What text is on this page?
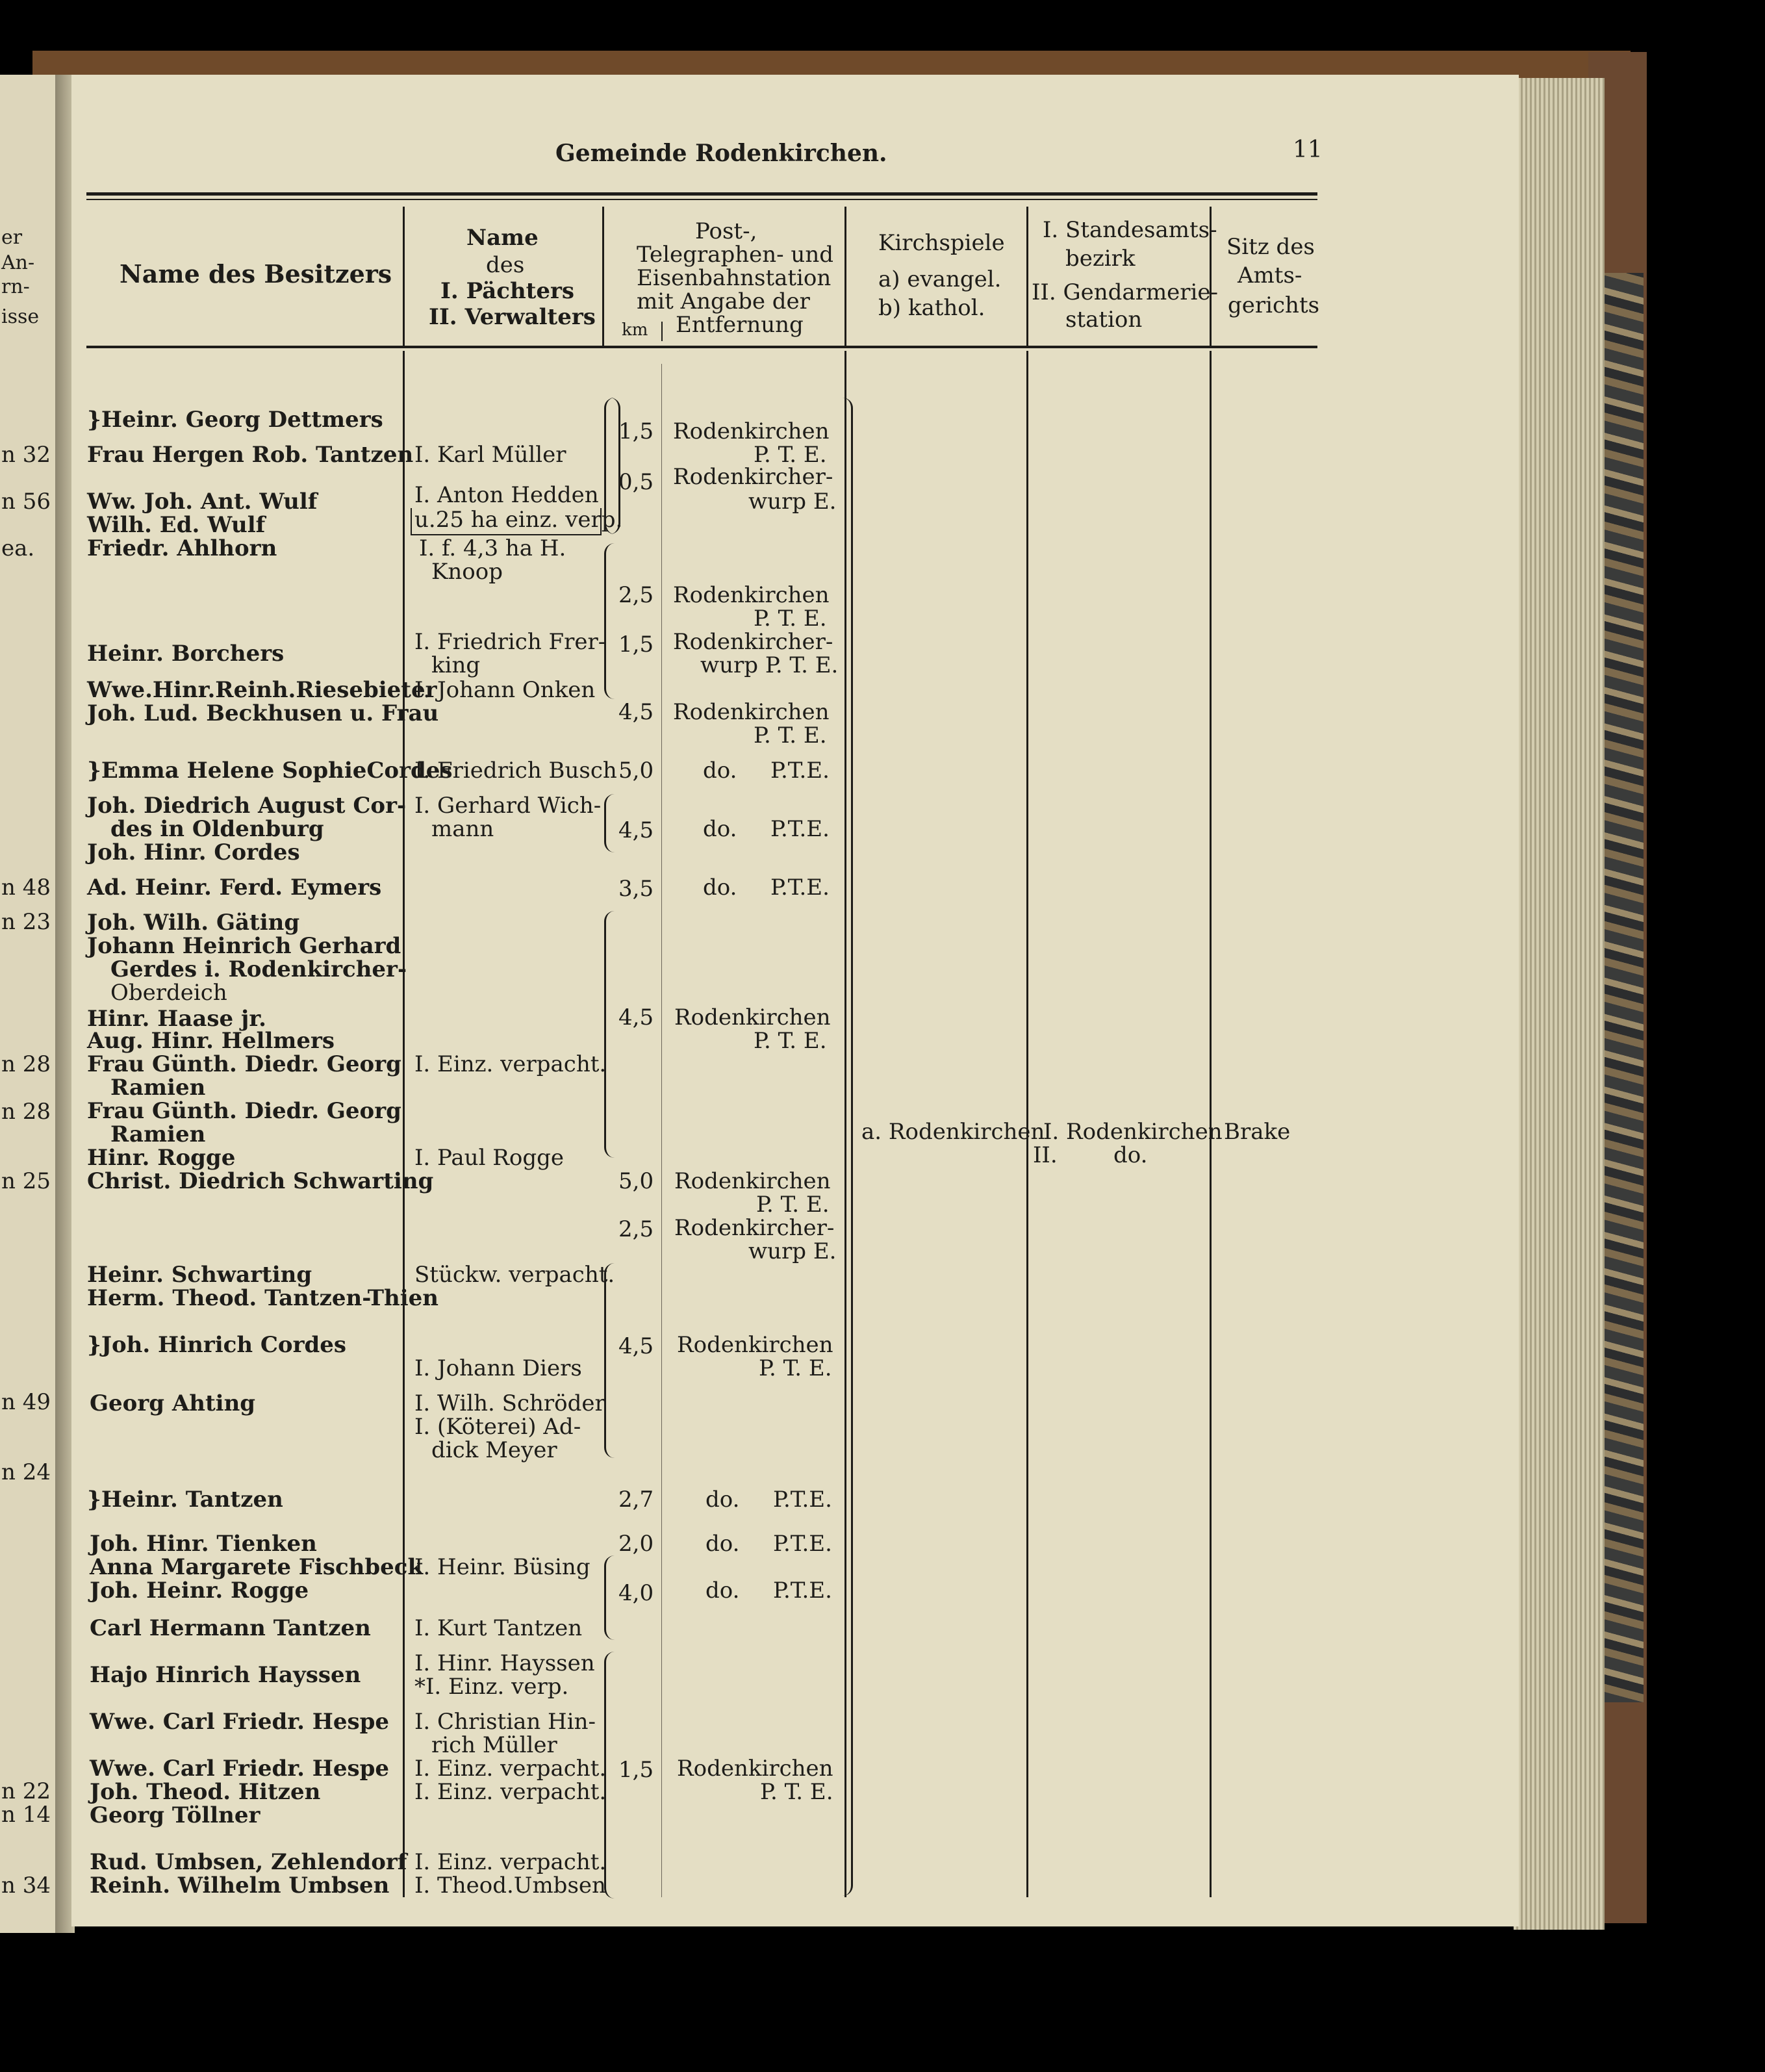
er
An-
rn-
isse
n 32
n 56
ea.
n 48
n 23
n 28
n 28
n 25
n 49
n 24
n 22
n 14
n 34
Gemeinde Rodenkirchen.	11
Name des Besitzers
Name
des
I. Pächters
II. Verwalters
Post-,
Telegraphen- und
Eisenbahnstation
mit Angabe der
km Entfernung
Kirchspiele
a) evangel.
b) kathol.
I. Standesamts-
bezirk
II. Gendarmerie-
station
Sitz des
Amts-
gerichts
}Heinr. Georg Dettmers
Frau Hergen Rob. Tantzen
Ww. Joh. Ant. Wulf
Wilh. Ed. Wulf
Friedr. Ahlhorn
Heinr. Borchers
Wwe.Hinr.Reinh.Riesebieter
Joh. Lud. Beckhusen u. Frau
}Emma Helene SophieCordes
Joh. Diedrich August Cor-
des in Oldenburg
Joh. Hinr. Cordes
Ad. Heinr. Ferd. Eymers
Joh. Wilh. Gäting
Johann Heinrich Gerhard
Gerdes i. Rodenkircher-
Oberdeich
Hinr. Haase jr.
Aug. Hinr. Hellmers
Frau Günth. Diedr. Georg
Ramien
Frau Günth. Diedr. Georg
Ramien
Hinr. Rogge
Christ. Diedrich Schwarting
Heinr. Schwarting
Herm. Theod. Tantzen-Thien
}Joh. Hinrich Cordes
Georg Ahting
}Heinr. Tantzen
Joh. Hinr. Tienken
Anna Margarete Fischbeck
Joh. Heinr. Rogge
Carl Hermann Tantzen
Hajo Hinrich Hayssen
Wwe. Carl Friedr. Hespe
Wwe. Carl Friedr. Hespe
Joh. Theod. Hitzen
Georg Töllner
Rud. Umbsen, Zehlendorf
Reinh. Wilhelm Umbsen
I. Karl Müller
I. Anton Hedden
u.25 ha einz. verp.
I. f. 4,3 ha H.
Knoop
I. Friedrich Frer-
king
I. Johann Onken
I. Friedrich Busch
I. Gerhard Wich-
mann
I. Einz. verpacht.
I. Paul Rogge
Stückw. verpacht.
I. Johann Diers
I. Wilh. Schröder
I. (Köterei) Ad-
dick Meyer
I. Heinr. Büsing
I. Kurt Tantzen
I. Hinr. Hayssen
*I. Einz. verp.
I. Christian Hin-
rich Müller
I. Einz. verpacht.
I. Einz. verpacht.
I. Einz. verpacht.
I. Theod.Umbsen
1,5
0,5
2,5
1,5
4,5
5,0
4,5
3,5
4,5
5,0
2,5
4,5
2,7
2,0
4,0
1,5
Rodenkirchen
P. T. E.
Rodenkircher-
wurp E.
Rodenkirchen
P. T. E.
Rodenkircher-
wurp P. T. E.
Rodenkirchen
P. T. E.
do. P.T.E.
do. P.T.E.
do. P.T.E.
Rodenkirchen
P. T. E.
Rodenkirchen
P. T. E.
Rodenkircher-
wurp E.
Rodenkirchen
P. T. E.
do. P.T.E.
do. P.T.E.
do. P.T.E.
Rodenkirchen
P. T. E.
a. Rodenkirchen
I. Rodenkirchen
II.	do.
Brake
